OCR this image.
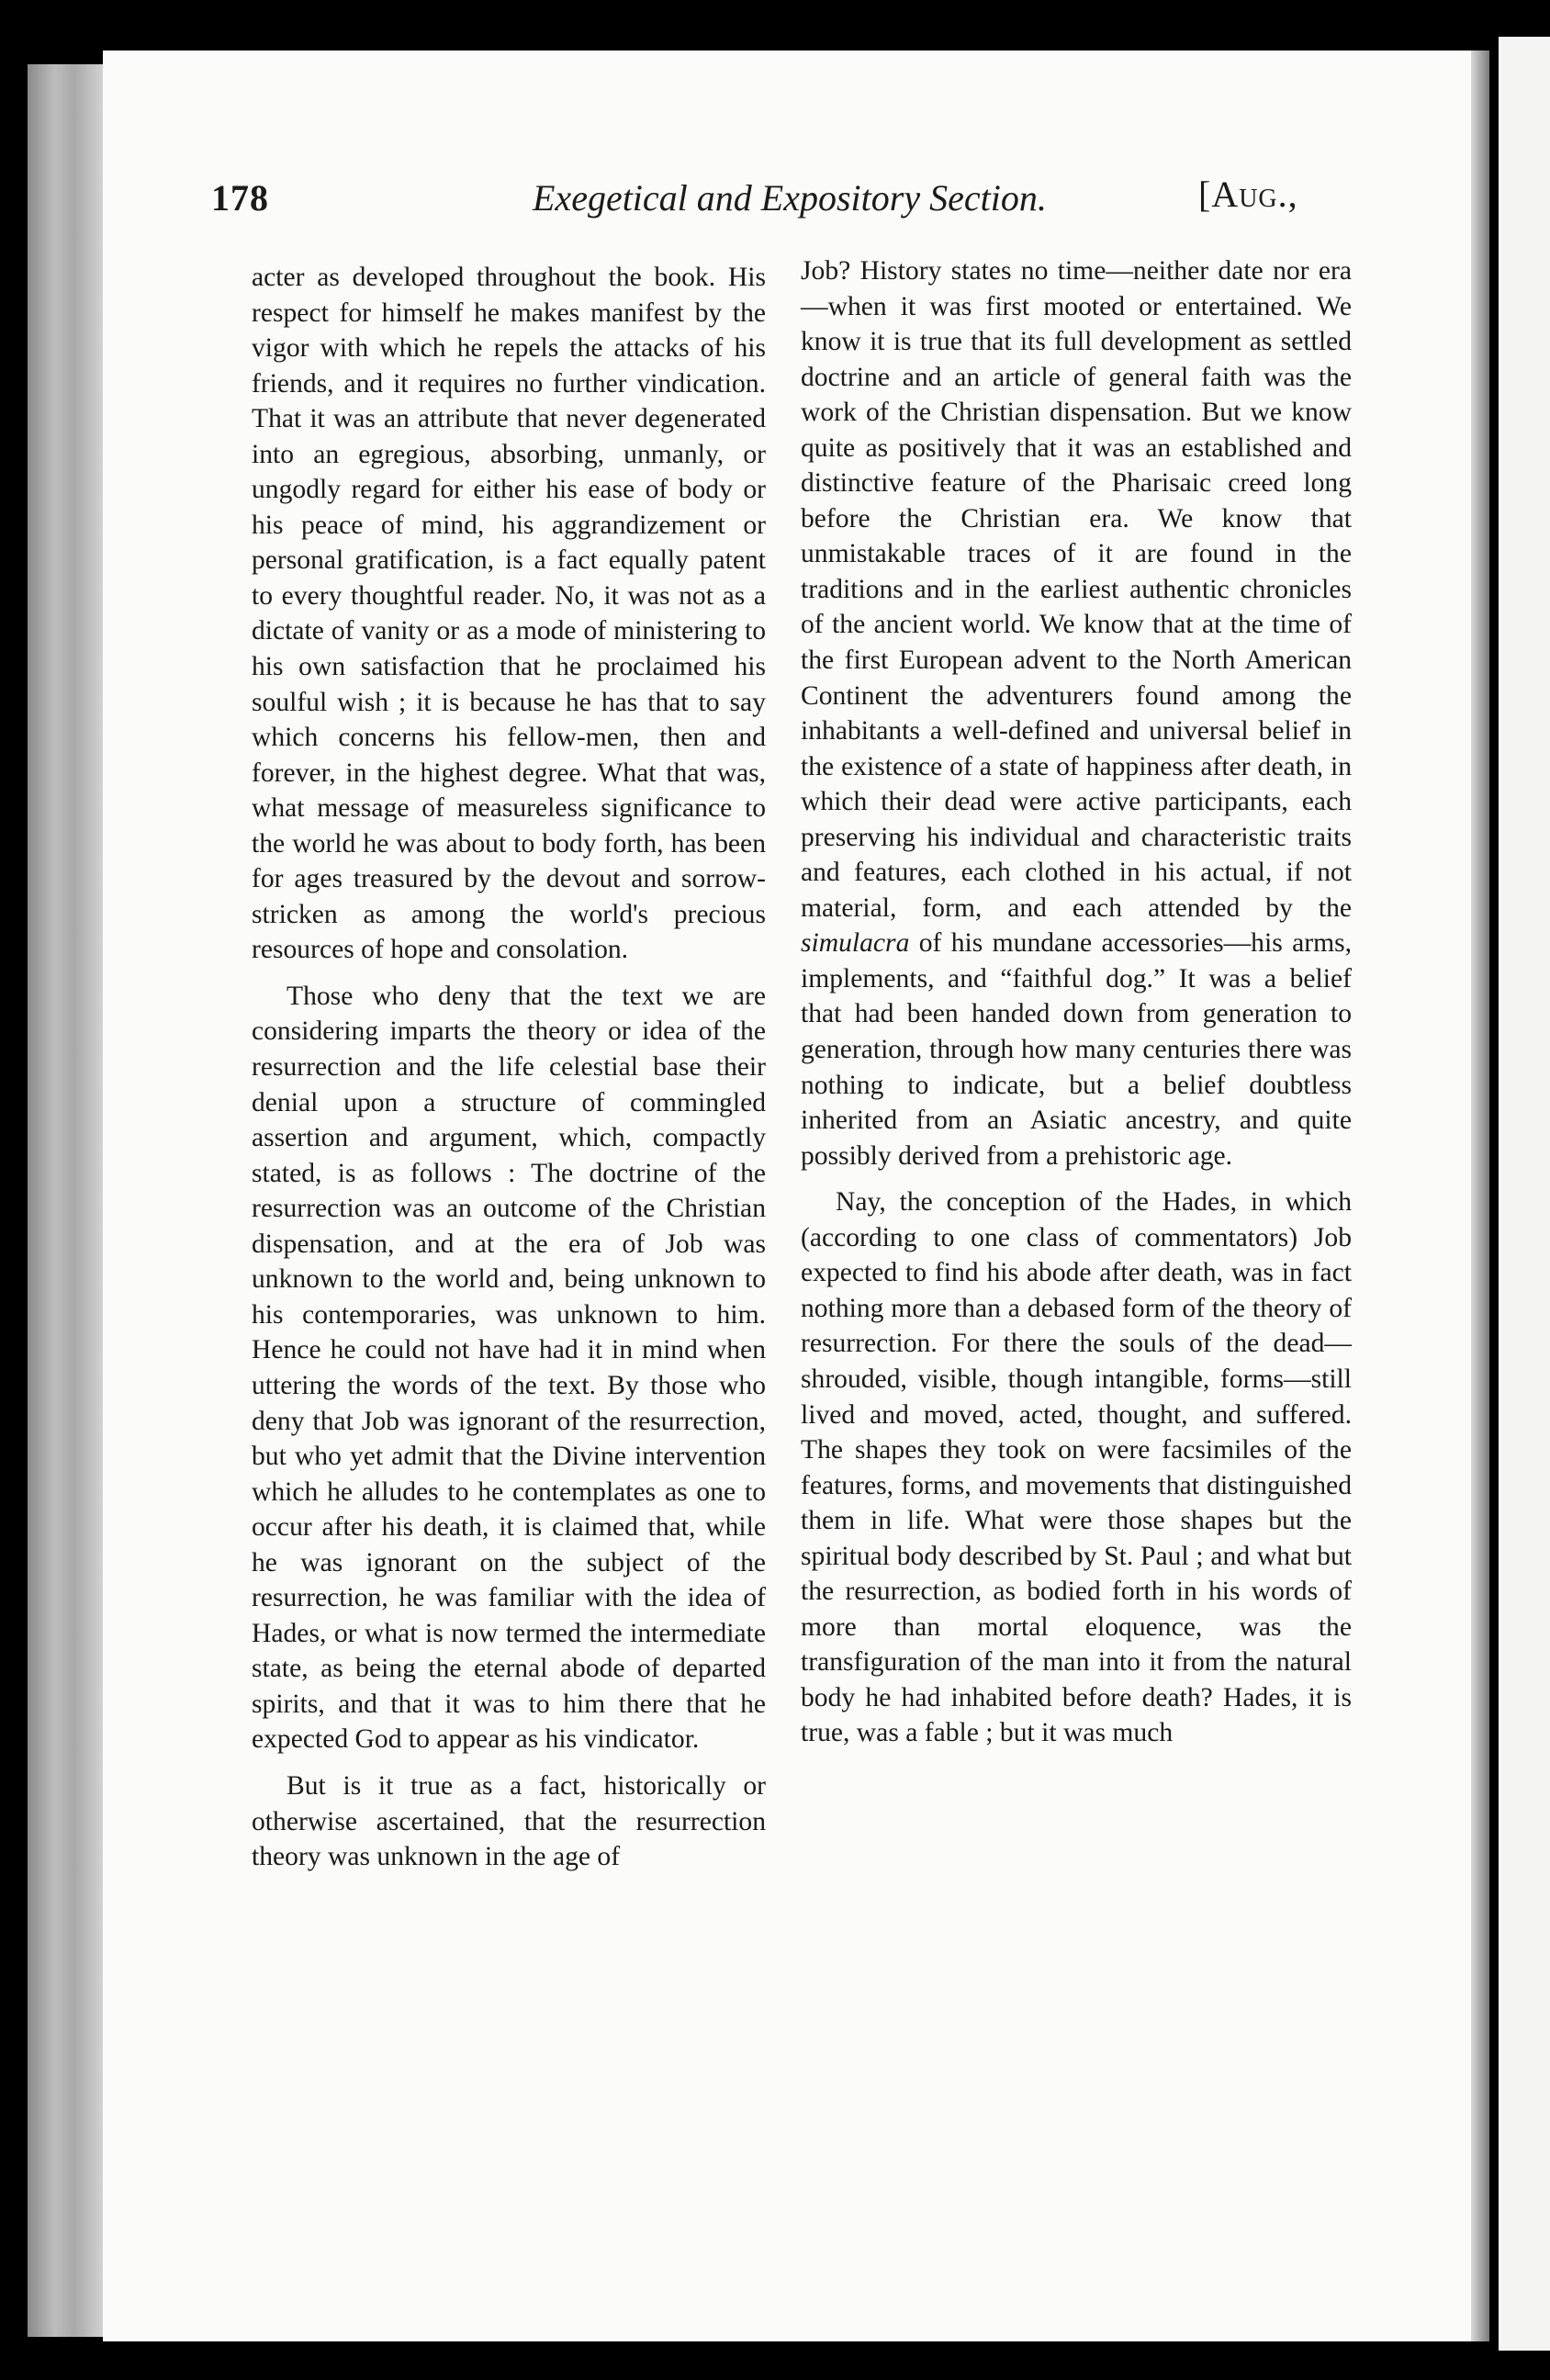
178	Exegetical and Expository Section.	[Aug.,

acter as developed throughout the book. His respect for himself he makes manifest by the vigor with which he repels the attacks of his friends, and it requires no further vindication. That it was an attribute that never degenerated into an egregious, absorbing, unmanly, or ungodly regard for either his ease of body or his peace of mind, his aggrandizement or personal gratification, is a fact equally patent to every thoughtful reader. No, it was not as a dictate of vanity or as a mode of ministering to his own satisfaction that he proclaimed his soulful wish ; it is because he has that to say which concerns his fellow-men, then and forever, in the highest degree. What that was, what message of measureless significance to the world he was about to body forth, has been for ages treasured by the devout and sorrow-stricken as among the world's precious resources of hope and consolation.

Those who deny that the text we are considering imparts the theory or idea of the resurrection and the life celestial base their denial upon a structure of commingled assertion and argument, which, compactly stated, is as follows : The doctrine of the resurrection was an outcome of the Christian dispensation, and at the era of Job was unknown to the world and, being unknown to his contemporaries, was unknown to him. Hence he could not have had it in mind when uttering the words of the text. By those who deny that Job was ignorant of the resurrection, but who yet admit that the Divine intervention which he alludes to he contemplates as one to occur after his death, it is claimed that, while he was ignorant on the subject of the resurrection, he was familiar with the idea of Hades, or what is now termed the intermediate state, as being the eternal abode of departed spirits, and that it was to him there that he expected God to appear as his vindicator.

But is it true as a fact, historically or otherwise ascertained, that the resurrection theory was unknown in the age of

Job? History states no time—neither date nor era—when it was first mooted or entertained. We know it is true that its full development as settled doctrine and an article of general faith was the work of the Christian dispensation. But we know quite as positively that it was an established and distinctive feature of the Pharisaic creed long before the Christian era. We know that unmistakable traces of it are found in the traditions and in the earliest authentic chronicles of the ancient world. We know that at the time of the first European advent to the North American Continent the adventurers found among the inhabitants a well-defined and universal belief in the existence of a state of happiness after death, in which their dead were active participants, each preserving his individual and characteristic traits and features, each clothed in his actual, if not material, form, and each attended by the simulacra of his mundane accessories—his arms, implements, and “faithful dog.” It was a belief that had been handed down from generation to generation, through how many centuries there was nothing to indicate, but a belief doubtless inherited from an Asiatic ancestry, and quite possibly derived from a prehistoric age.

Nay, the conception of the Hades, in which (according to one class of commentators) Job expected to find his abode after death, was in fact nothing more than a debased form of the theory of resurrection. For there the souls of the dead—shrouded, visible, though intangible, forms—still lived and moved, acted, thought, and suffered. The shapes they took on were facsimiles of the features, forms, and movements that distinguished them in life. What were those shapes but the spiritual body described by St. Paul ; and what but the resurrection, as bodied forth in his words of more than mortal eloquence, was the transfiguration of the man into it from the natural body he had inhabited before death? Hades, it is true, was a fable ; but it was much
